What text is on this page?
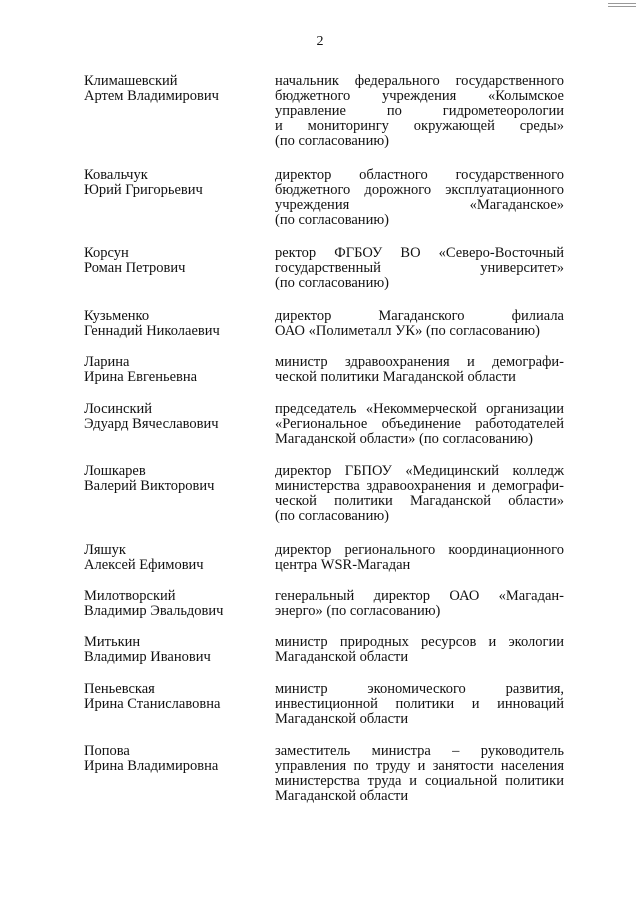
2
Климашевский
Артем Владимирович
начальник федерального государственного
бюджетного учреждения «Колымское
управление по гидрометеорологии
и мониторингу окружающей среды»
(по согласованию)
Ковальчук
Юрий Григорьевич
директор областного государственного
бюджетного дорожного эксплуатационного
учреждения «Магаданское»
(по согласованию)
Корсун
Роман Петрович
ректор ФГБОУ ВО «Северо-Восточный
государственный университет»
(по согласованию)
Кузьменко
Геннадий Николаевич
директор Магаданского филиала
ОАО «Полиметалл УК» (по согласованию)
Ларина
Ирина Евгеньевна
министр здравоохранения и демографи-
ческой политики Магаданской области
Лосинский
Эдуард Вячеславович
председатель «Некоммерческой организации
«Региональное объединение работодателей
Магаданской области» (по согласованию)
Лошкарев
Валерий Викторович
директор ГБПОУ «Медицинский колледж
министерства здравоохранения и демографи-
ческой политики Магаданской области»
(по согласованию)
Ляшук
Алексей Ефимович
директор регионального координационного
центра WSR-Магадан
Милотворский
Владимир Эвальдович
генеральный директор ОАО «Магадан-
энерго» (по согласованию)
Митькин
Владимир Иванович
министр природных ресурсов и экологии
Магаданской области
Пеньевская
Ирина Станиславовна
министр экономического развития,
инвестиционной политики и инноваций
Магаданской области
Попова
Ирина Владимировна
заместитель министра – руководитель
управления по труду и занятости населения
министерства труда и социальной политики
Магаданской области
